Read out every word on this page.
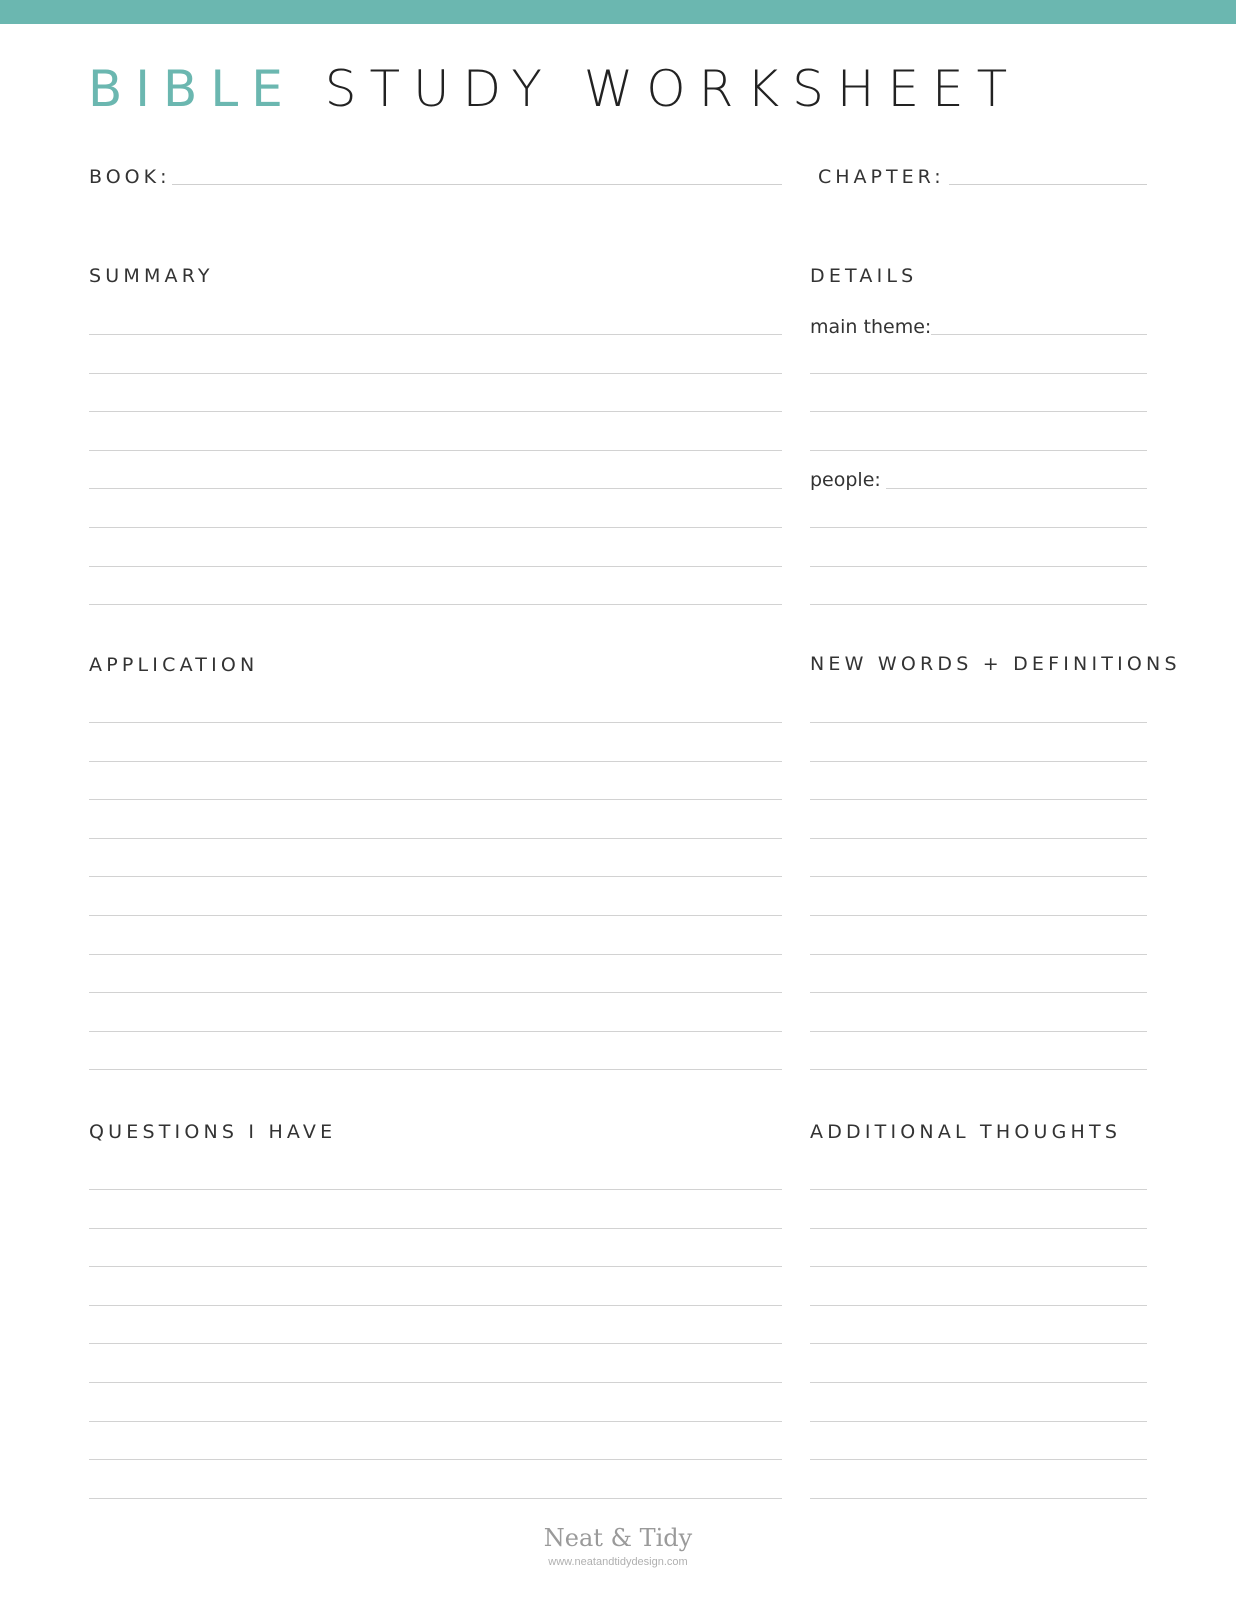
BIBLE STUDY WORKSHEET
BOOK:	CHAPTER:
SUMMARY	DETAILS
main theme:
people:
APPLICATION	NEW WORDS + DEFINITIONS
QUESTIONS I HAVE	ADDITIONAL THOUGHTS
Neat & Tidy
www.neatandtidydesign.com
